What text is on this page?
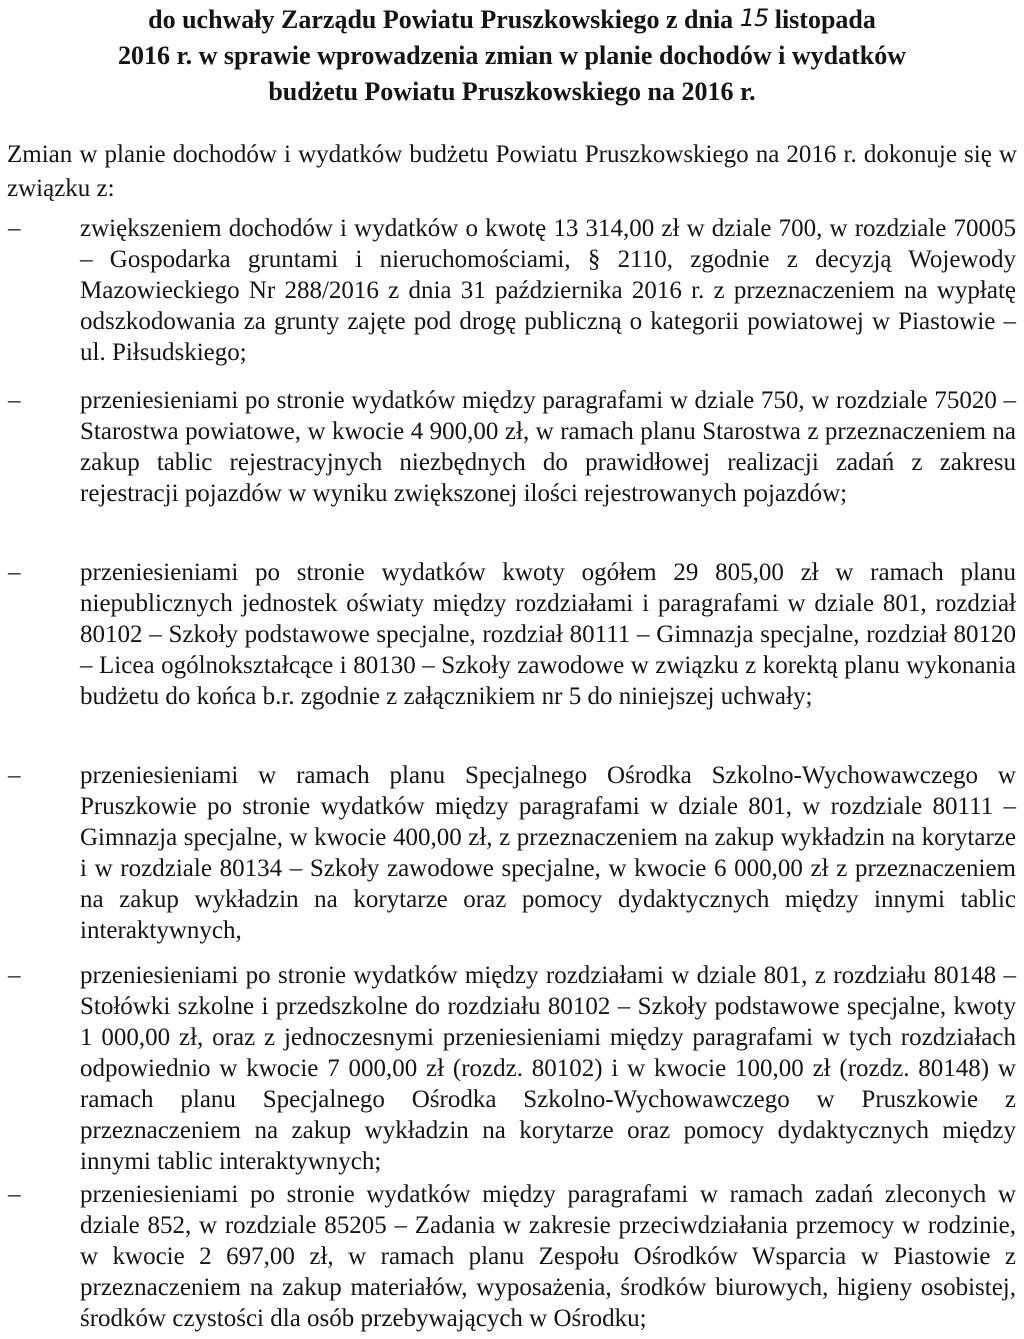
do uchwały Zarządu Powiatu Pruszkowskiego z dnia 15 listopada
2016 r. w sprawie wprowadzenia zmian w planie dochodów i wydatków
budżetu Powiatu Pruszkowskiego na 2016 r.

Zmian w planie dochodów i wydatków budżetu Powiatu Pruszkowskiego na 2016 r. dokonuje się w związku z:

– zwiększeniem dochodów i wydatków o kwotę 13 314,00 zł w dziale 700, w rozdziale 70005 – Gospodarka gruntami i nieruchomościami, § 2110, zgodnie z decyzją Wojewody Mazowieckiego Nr 288/2016 z dnia 31 października 2016 r. z przeznaczeniem na wypłatę odszkodowania za grunty zajęte pod drogę publiczną o kategorii powiatowej w Piastowie – ul. Piłsudskiego;

– przeniesieniami po stronie wydatków między paragrafami w dziale 750, w rozdziale 75020 – Starostwa powiatowe, w kwocie 4 900,00 zł, w ramach planu Starostwa z przeznaczeniem na zakup tablic rejestracyjnych niezbędnych do prawidłowej realizacji zadań z zakresu rejestracji pojazdów w wyniku zwiększonej ilości rejestrowanych pojazdów;

– przeniesieniami po stronie wydatków kwoty ogółem 29 805,00 zł w ramach planu niepublicznych jednostek oświaty między rozdziałami i paragrafami w dziale 801, rozdział 80102 – Szkoły podstawowe specjalne, rozdział 80111 – Gimnazja specjalne, rozdział 80120 – Licea ogólnokształcące i 80130 – Szkoły zawodowe w związku z korektą planu wykonania budżetu do końca b.r. zgodnie z załącznikiem nr 5 do niniejszej uchwały;

– przeniesieniami w ramach planu Specjalnego Ośrodka Szkolno-Wychowawczego w Pruszkowie po stronie wydatków między paragrafami w dziale 801, w rozdziale 80111 – Gimnazja specjalne, w kwocie 400,00 zł, z przeznaczeniem na zakup wykładzin na korytarze i w rozdziale 80134 – Szkoły zawodowe specjalne, w kwocie 6 000,00 zł z przeznaczeniem na zakup wykładzin na korytarze oraz pomocy dydaktycznych między innymi tablic interaktywnych,

– przeniesieniami po stronie wydatków między rozdziałami w dziale 801, z rozdziału 80148 – Stołówki szkolne i przedszkolne do rozdziału 80102 – Szkoły podstawowe specjalne, kwoty 1 000,00 zł, oraz z jednoczesnymi przeniesieniami między paragrafami w tych rozdziałach odpowiednio w kwocie 7 000,00 zł (rozdz. 80102) i w kwocie 100,00 zł (rozdz. 80148) w ramach planu Specjalnego Ośrodka Szkolno-Wychowawczego w Pruszkowie z przeznaczeniem na zakup wykładzin na korytarze oraz pomocy dydaktycznych między innymi tablic interaktywnych;

– przeniesieniami po stronie wydatków między paragrafami w ramach zadań zleconych w dziale 852, w rozdziale 85205 – Zadania w zakresie przeciwdziałania przemocy w rodzinie, w kwocie 2 697,00 zł, w ramach planu Zespołu Ośrodków Wsparcia w Piastowie z przeznaczeniem na zakup materiałów, wyposażenia, środków biurowych, higieny osobistej, środków czystości dla osób przebywających w Ośrodku;
